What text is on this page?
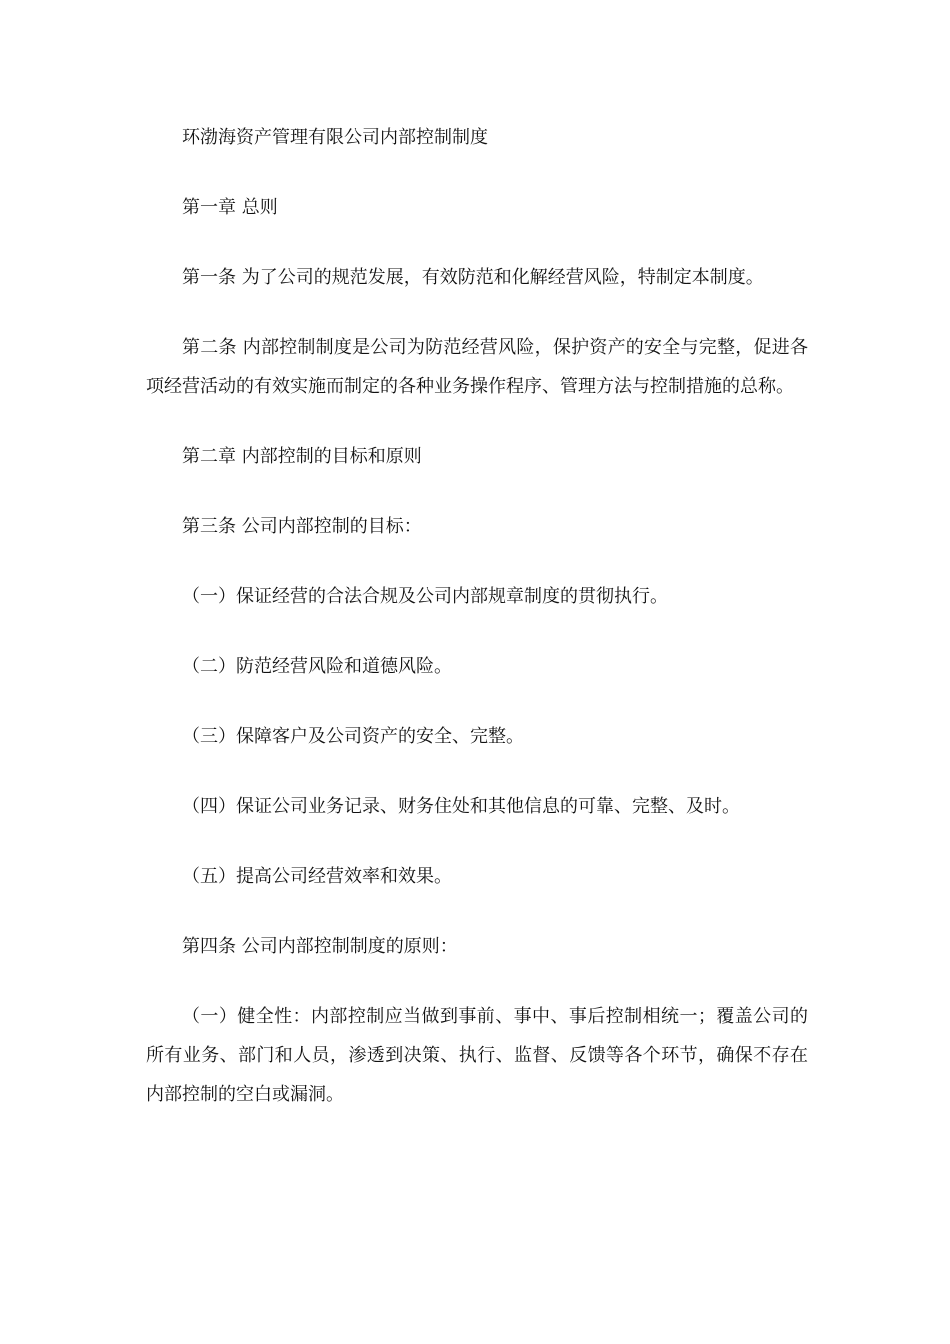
环渤海资产管理有限公司内部控制制度

第一章 总则

第一条 为了公司的规范发展，有效防范和化解经营风险，特制定本制度。

第二条 内部控制制度是公司为防范经营风险，保护资产的安全与完整，促进各项经营活动的有效实施而制定的各种业务操作程序、管理方法与控制措施的总称。

第二章 内部控制的目标和原则

第三条 公司内部控制的目标：

（一）保证经营的合法合规及公司内部规章制度的贯彻执行。

（二）防范经营风险和道德风险。

（三）保障客户及公司资产的安全、完整。

（四）保证公司业务记录、财务住处和其他信息的可靠、完整、及时。

（五）提高公司经营效率和效果。

第四条 公司内部控制制度的原则：

（一）健全性：内部控制应当做到事前、事中、事后控制相统一；覆盖公司的所有业务、部门和人员，渗透到决策、执行、监督、反馈等各个环节，确保不存在内部控制的空白或漏洞。
